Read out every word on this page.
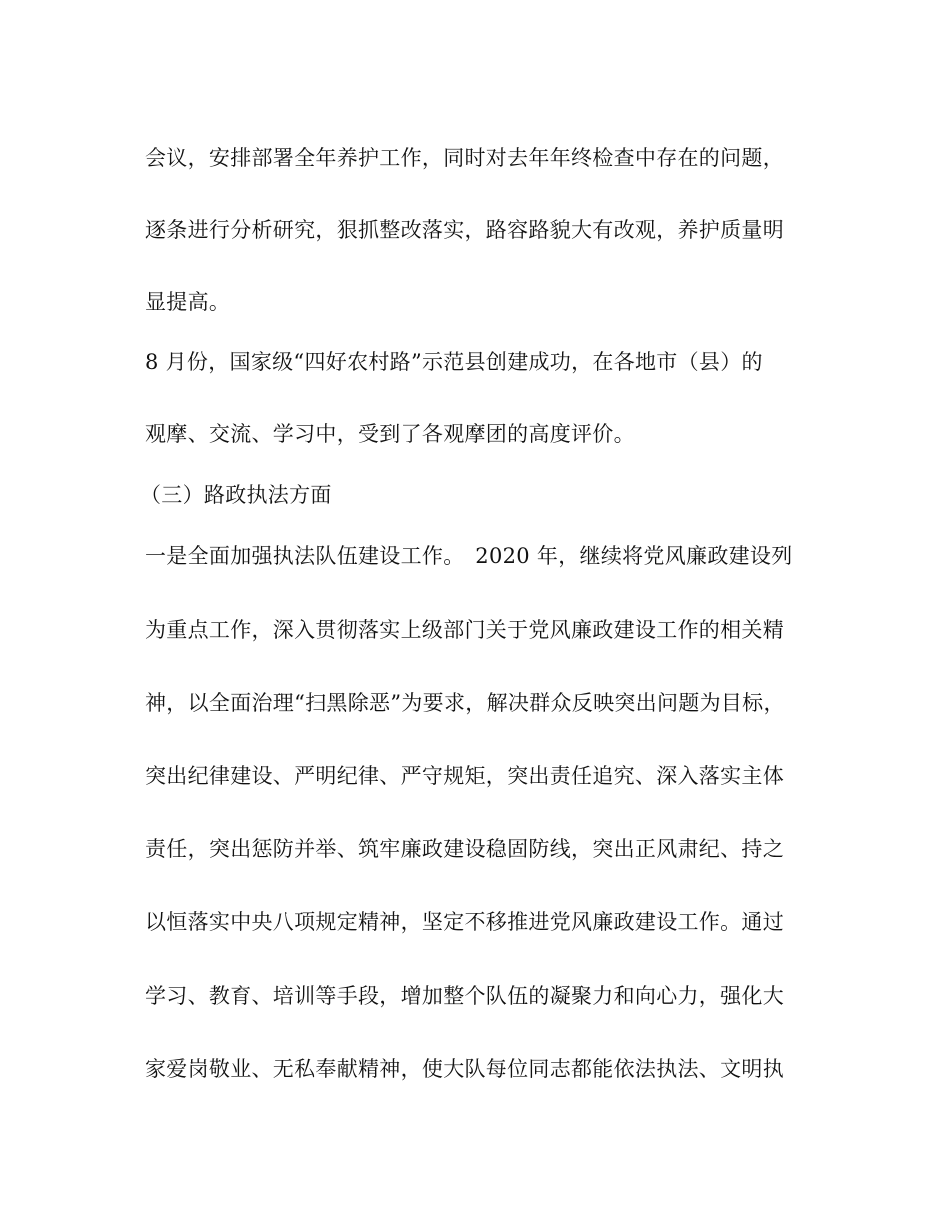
会议，安排部署全年养护工作，同时对去年年终检查中存在的问题，
逐条进行分析研究，狠抓整改落实，路容路貌大有改观，养护质量明
显提高。
8 月份，国家级“四好农村路”示范县创建成功，在各地市（县）的
观摩、交流、学习中，受到了各观摩团的高度评价。
（三）路政执法方面
一是全面加强执法队伍建设工作。　2020 年，继续将党风廉政建设列
为重点工作，深入贯彻落实上级部门关于党风廉政建设工作的相关精
神，以全面治理“扫黑除恶”为要求，解决群众反映突出问题为目标，
突出纪律建设、严明纪律、严守规矩，突出责任追究、深入落实主体
责任，突出惩防并举、筑牢廉政建设稳固防线，突出正风肃纪、持之
以恒落实中央八项规定精神，坚定不移推进党风廉政建设工作。通过
学习、教育、培训等手段，增加整个队伍的凝聚力和向心力，强化大
家爱岗敬业、无私奉献精神，使大队每位同志都能依法执法、文明执
